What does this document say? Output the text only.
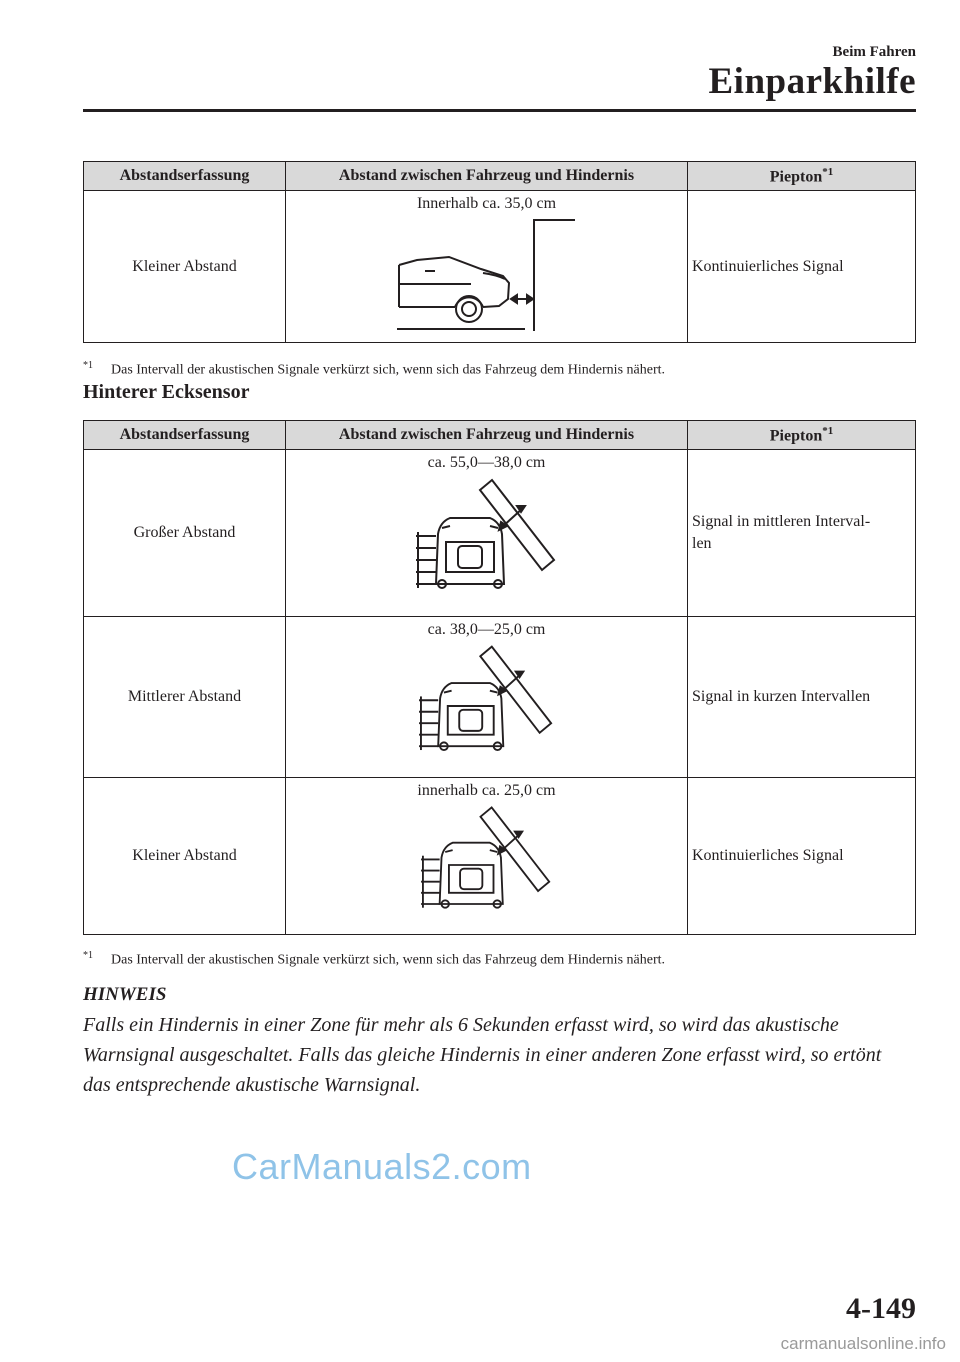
Beim Fahren
Einparkhilfe
Abstandserfassung	Abstand zwischen Fahrzeug und Hindernis	Piepton$^{*1}$
Kleiner Abstand	Innerhalb ca. 35,0 cm	Kontinuierliches Signal
$^{*1}$ Das Intervall der akustischen Signale verkürzt sich, wenn sich das Fahrzeug dem Hindernis nähert.
Hinterer Ecksensor
Abstandserfassung	Abstand zwischen Fahrzeug und Hindernis	Piepton$^{*1}$
Großer Abstand	ca. 55,0―38,0 cm	Signal in mittleren Interval-
len
Mittlerer Abstand	ca. 38,0―25,0 cm	Signal in kurzen Intervallen
Kleiner Abstand	innerhalb ca. 25,0 cm	Kontinuierliches Signal
$^{*1}$ Das Intervall der akustischen Signale verkürzt sich, wenn sich das Fahrzeug dem Hindernis nähert.
HINWEIS
Falls ein Hindernis in einer Zone für mehr als 6 Sekunden erfasst wird, so wird das akustische Warnsignal ausgeschaltet. Falls das gleiche Hindernis in einer anderen Zone erfasst wird, so ertönt das entsprechende akustische Warnsignal.
CarManuals2.com
4-149
carmanualsonline.info
